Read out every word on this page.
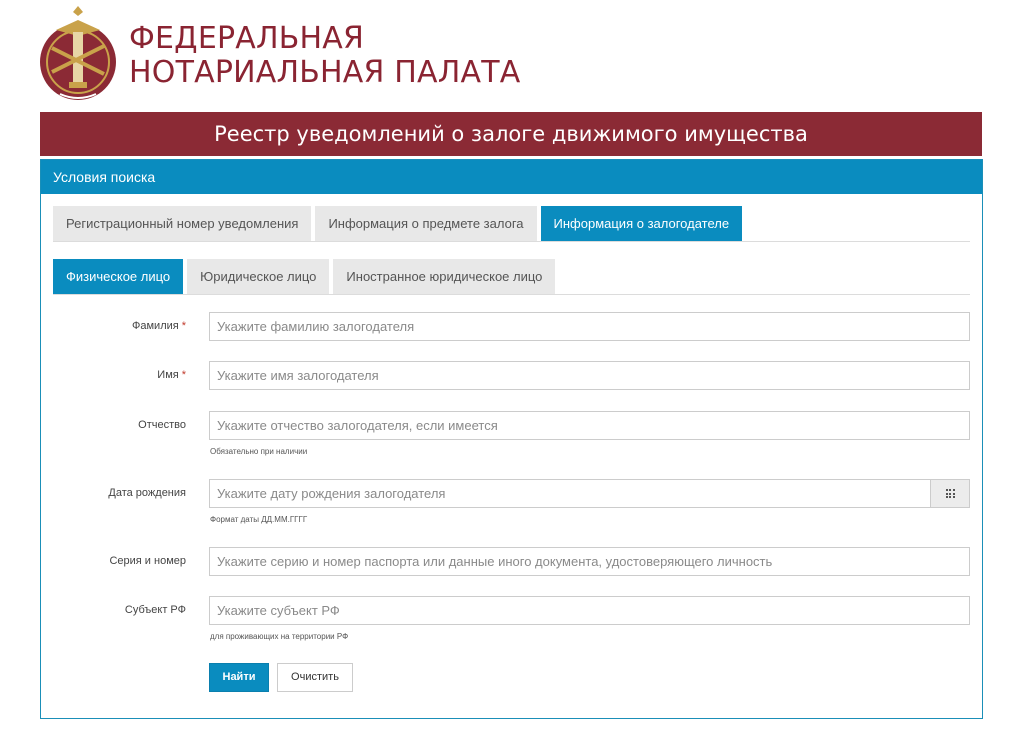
ФЕДЕРАЛЬНАЯ
НОТАРИАЛЬНАЯ ПАЛАТА
Реестр уведомлений о залоге движимого имущества
Условия поиска
Регистрационный номер уведомления	Информация о предмете залога	Информация о залогодателе
Физическое лицо	Юридическое лицо	Иностранное юридическое лицо
Фамилия *
Укажите фамилию залогодателя
Имя *
Укажите имя залогодателя
Отчество
Укажите отчество залогодателя, если имеется
Обязательно при наличии
Дата рождения
Укажите дату рождения залогодателя
Формат даты ДД.ММ.ГГГГ
Серия и номер
Укажите серию и номер паспорта или данные иного документа, удостоверяющего личность
Субъект РФ
Укажите субъект РФ
для проживающих на территории РФ
Найти	Очистить
